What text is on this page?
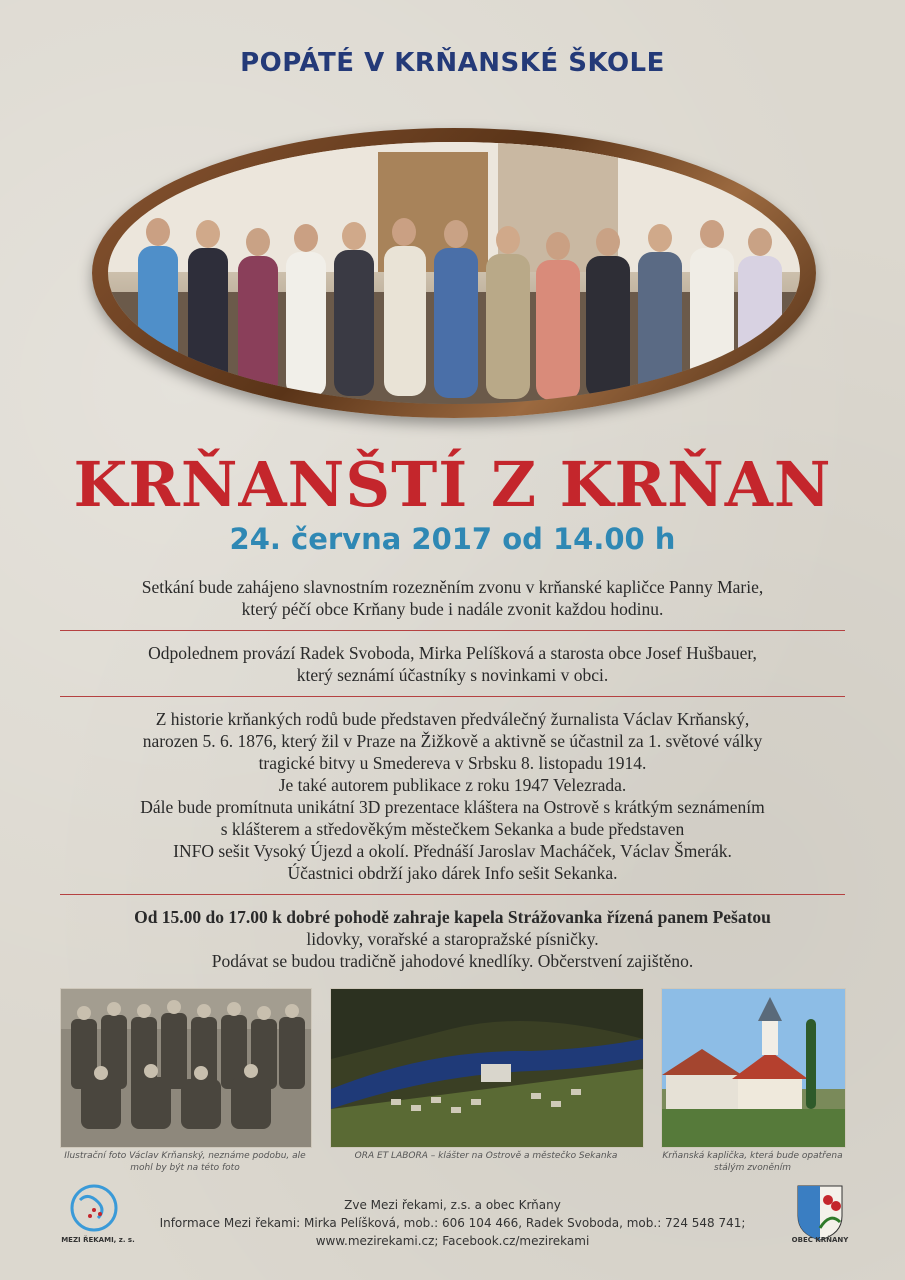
POPÁTÉ V KRŇANSKÉ ŠKOLE
KRŇANŠTÍ Z KRŇAN
24. června 2017 od 14.00 h
Setkání bude zahájeno slavnostním rozezněním zvonu v krňanské kapličce Panny Marie,
který péčí obce Krňany bude i nadále zvonit každou hodinu.
Odpolednem provází Radek Svoboda, Mirka Pelíšková a starosta obce Josef Hušbauer,
který seznámí účastníky s novinkami v obci.
Z historie krňankých rodů bude představen předválečný žurnalista Václav Krňanský,
narozen 5. 6. 1876, který žil v Praze na Žižkově a aktivně se účastnil za 1. světové války
tragické bitvy u Smedereva v Srbsku 8. listopadu 1914.
Je také autorem publikace z roku 1947 Velezrada.
Dále bude promítnuta unikátní 3D prezentace kláštera na Ostrově s krátkým seznámením
s klášterem a středověkým městečkem Sekanka a bude představen
INFO sešit Vysoký Újezd a okolí. Přednáší Jaroslav Macháček, Václav Šmerák.
Účastnici obdrží jako dárek Info sešit Sekanka.
Od 15.00 do 17.00 k dobré pohodě zahraje kapela Strážovanka řízená panem Pešatou
lidovky, vorařské a staropražské písničky.
Podávat se budou tradičně jahodové knedlíky. Občerstvení zajištěno.
Ilustrační foto Václav Krňanský, neznáme podobu, ale
mohl by být na této foto
ORA ET LABORA – klášter na Ostrově a městečko Sekanka	Krňanská kaplička, která bude opatřena
stálým zvoněním
MEZI ŘEKAMI, z. s.
Zve Mezi řekami, z.s. a obec Krňany
Informace Mezi řekami: Mirka Pelíšková, mob.: 606 104 466, Radek Svoboda, mob.: 724 548 741;
www.mezirekami.cz; Facebook.cz/mezirekami	OBEC KRŇANY
